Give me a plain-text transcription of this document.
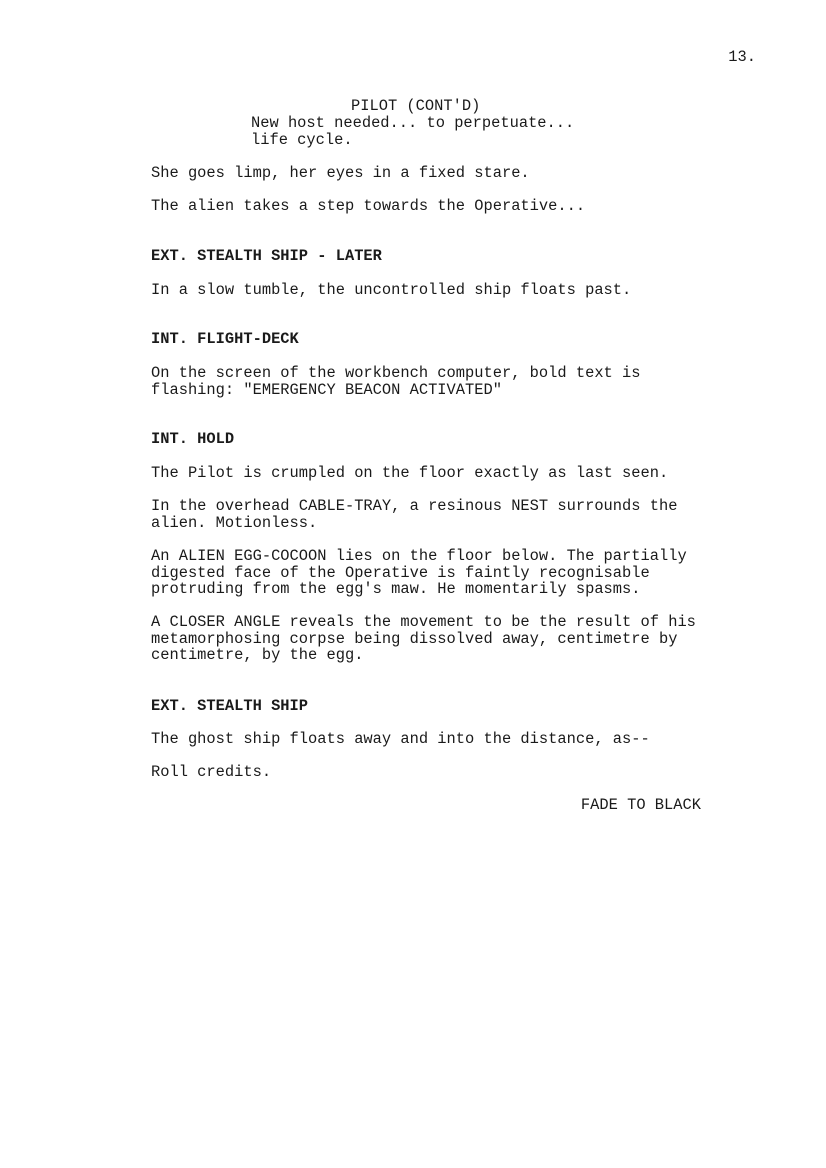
13.
PILOT (CONT'D)
New host needed... to perpetuate...
life cycle.
She goes limp, her eyes in a fixed stare.
The alien takes a step towards the Operative...
EXT. STEALTH SHIP - LATER
In a slow tumble, the uncontrolled ship floats past.
INT. FLIGHT-DECK
On the screen of the workbench computer, bold text is
flashing: "EMERGENCY BEACON ACTIVATED"
INT. HOLD
The Pilot is crumpled on the floor exactly as last seen.
In the overhead CABLE-TRAY, a resinous NEST surrounds the
alien. Motionless.
An ALIEN EGG-COCOON lies on the floor below. The partially
digested face of the Operative is faintly recognisable
protruding from the egg's maw. He momentarily spasms.
A CLOSER ANGLE reveals the movement to be the result of his
metamorphosing corpse being dissolved away, centimetre by
centimetre, by the egg.
EXT. STEALTH SHIP
The ghost ship floats away and into the distance, as--
Roll credits.
FADE TO BLACK
